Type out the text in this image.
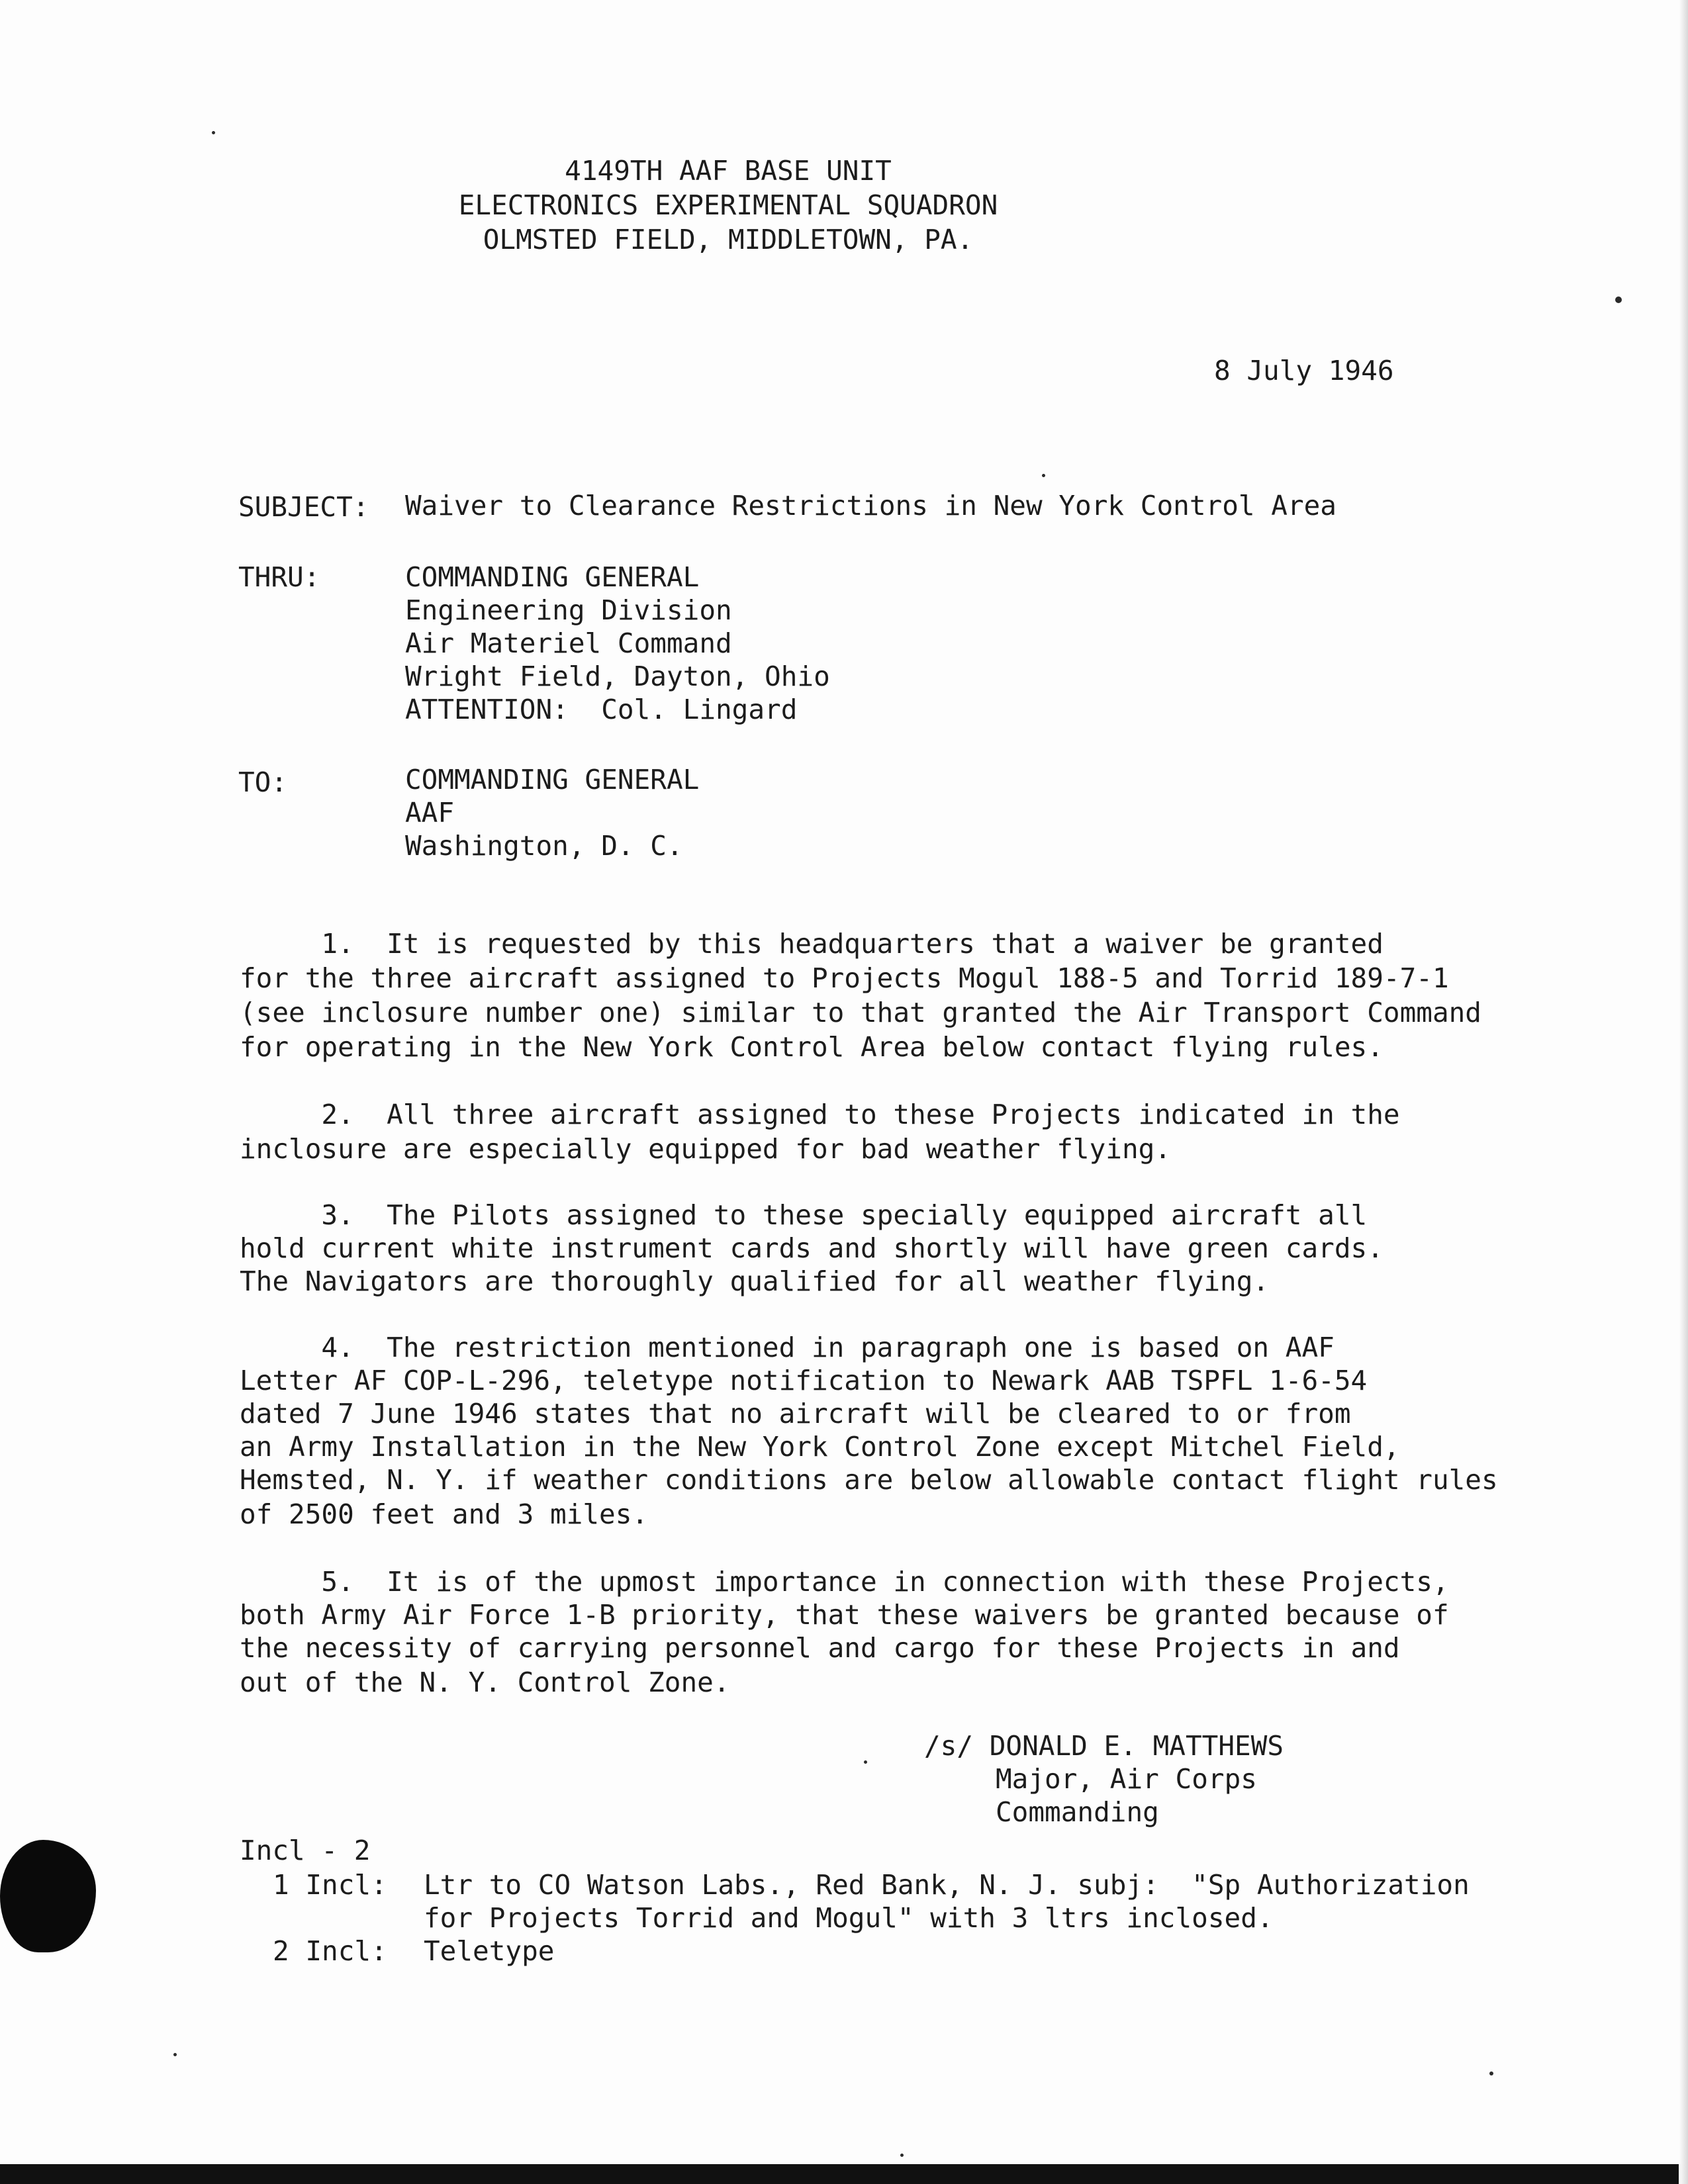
4149TH AAF BASE UNIT
ELECTRONICS EXPERIMENTAL SQUADRON
OLMSTED FIELD, MIDDLETOWN, PA.
8 July 1946
SUBJECT: Waiver to Clearance Restrictions in New York Control Area
THRU:	COMMANDING GENERAL
Engineering Division
Air Materiel Command
Wright Field, Dayton, Ohio
ATTENTION:  Col. Lingard
TO:	COMMANDING GENERAL
AAF
Washington, D. C.
1.  It is requested by this headquarters that a waiver be granted
for the three aircraft assigned to Projects Mogul 188-5 and Torrid 189-7-1
(see inclosure number one) similar to that granted the Air Transport Command
for operating in the New York Control Area below contact flying rules.
2.  All three aircraft assigned to these Projects indicated in the
inclosure are especially equipped for bad weather flying.
3.  The Pilots assigned to these specially equipped aircraft all
hold current white instrument cards and shortly will have green cards.
The Navigators are thoroughly qualified for all weather flying.
4.  The restriction mentioned in paragraph one is based on AAF
Letter AF COP-L-296, teletype notification to Newark AAB TSPFL 1-6-54
dated 7 June 1946 states that no aircraft will be cleared to or from
an Army Installation in the New York Control Zone except Mitchel Field,
Hemsted, N. Y. if weather conditions are below allowable contact flight rules
of 2500 feet and 3 miles.
5.  It is of the upmost importance in connection with these Projects,
both Army Air Force 1-B priority, that these waivers be granted because of
the necessity of carrying personnel and cargo for these Projects in and
out of the N. Y. Control Zone.
/s/ DONALD E. MATTHEWS
Major, Air Corps
Commanding
Incl - 2
1 Incl: Ltr to CO Watson Labs., Red Bank, N. J. subj:  "Sp Authorization
for Projects Torrid and Mogul" with 3 ltrs inclosed.
2 Incl: Teletype
